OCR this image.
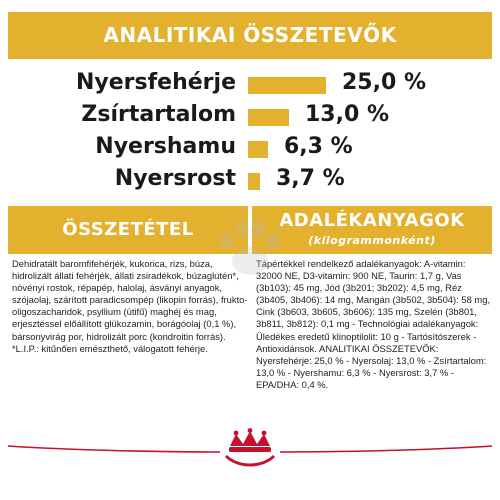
ANALITIKAI ÖSSZETEVŐK
Nyersfehérje	25,0 %
Zsírtartalom	13,0 %
Nyershamu 6,3 %
Nyersrost 3,7 %
ÖSSZETÉTEL
Dehidratált baromfifehérjék, kukorica, rizs, búza, hidrolizált állati fehérjék, állati zsiradékok, búzaglutén*, növényi rostok, répapép, halolaj, ásványi anyagok, szójaolaj, szárított paradicsompép (likopin forrás), frukto-oligoszacharidok, psyllium (útifű) maghéj és mag, erjesztéssel előállított glükozamin, borágóolaj (0,1 %), bársonyvirág por, hidrolizált porc (kondroitin forrás). *L.I.P.: kitűnően emészthető, válogatott fehérje.
ADALÉKANYAGOK
(kilogrammonként)
Tápértékkel rendelkező adalékanyagok: A-vitamin: 32000 NE, D3-vitamin: 900 NE, Taurin: 1,7 g, Vas (3b103): 45 mg, Jód (3b201; 3b202): 4,5 mg, Réz (3b405, 3b406): 14 mg, Mangán (3b502, 3b504): 58 mg, Cink (3b603, 3b605, 3b606): 135 mg, Szelén (3b801, 3b811, 3b812): 0,1 mg - Technológiai adalékanyagok: Üledékes eredetű klinoptilolit: 10 g - Tartósítószerek - Antioxidánsok. ANALITIKAI ÖSSZETEVŐK: Nyersfehérje: 25,0 % - Nyersolaj: 13,0 % - Zsírtartalom: 13,0 % - Nyershamu: 6,3 % - Nyersrost: 3,7 % - EPA/DHA: 0,4 %.
